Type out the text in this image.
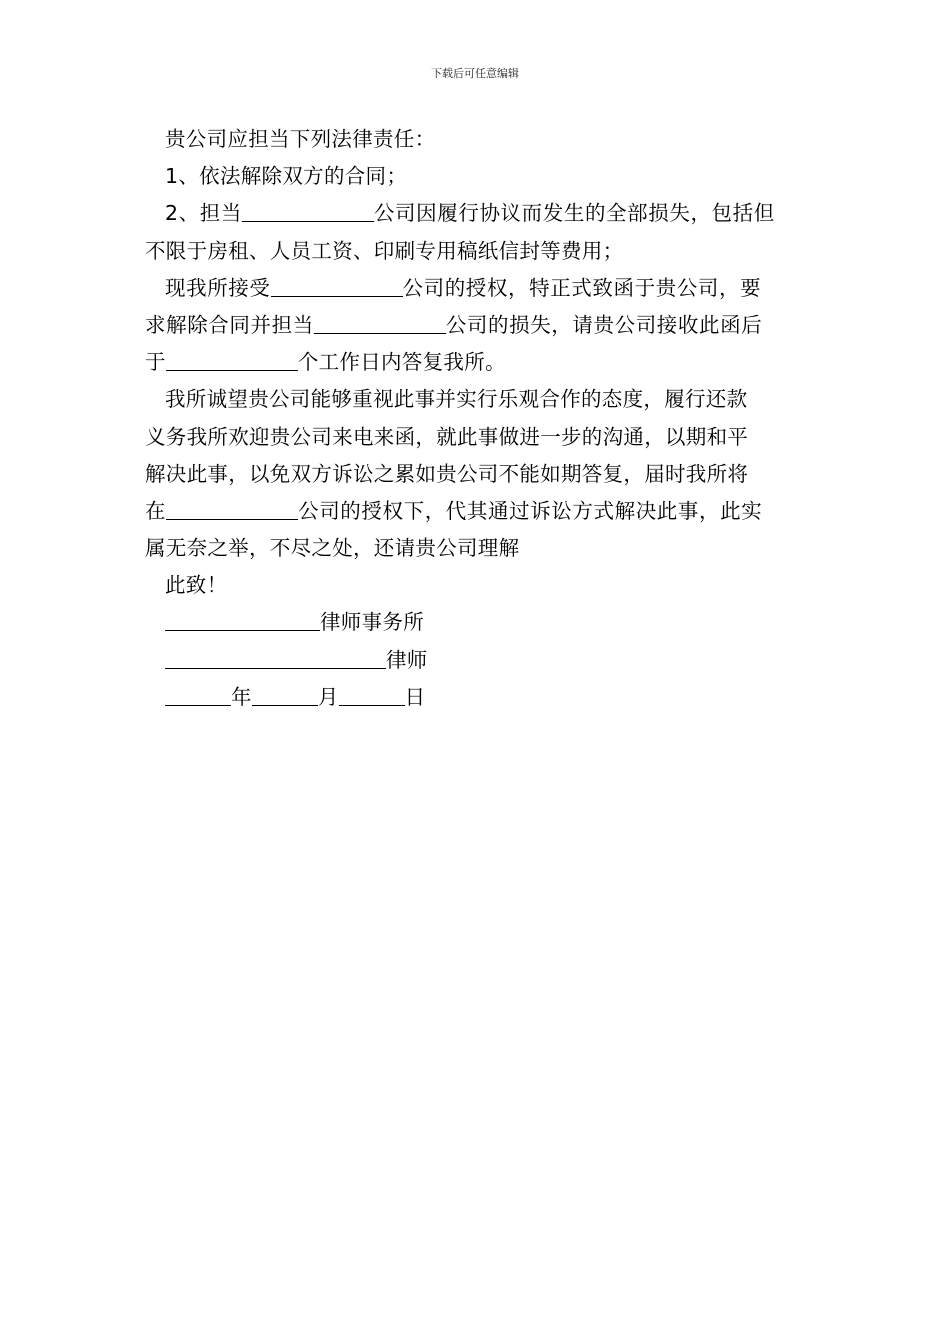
下载后可任意编辑
贵公司应担当下列法律责任：
1、依法解除双方的合同；
2、担当	公司因履行协议而发生的全部损失，包括但
不限于房租、人员工资、印刷专用稿纸信封等费用；
现我所接受	公司的授权，特正式致函于贵公司，要
求解除合同并担当	公司的损失，请贵公司接收此函后
于	个工作日内答复我所。
我所诚望贵公司能够重视此事并实行乐观合作的态度，履行还款
义务我所欢迎贵公司来电来函，就此事做进一步的沟通，以期和平
解决此事，以免双方诉讼之累如贵公司不能如期答复，届时我所将
在	公司的授权下，代其通过诉讼方式解决此事，此实
属无奈之举，不尽之处，还请贵公司理解
此致！
律师事务所
律师
年	月	日
